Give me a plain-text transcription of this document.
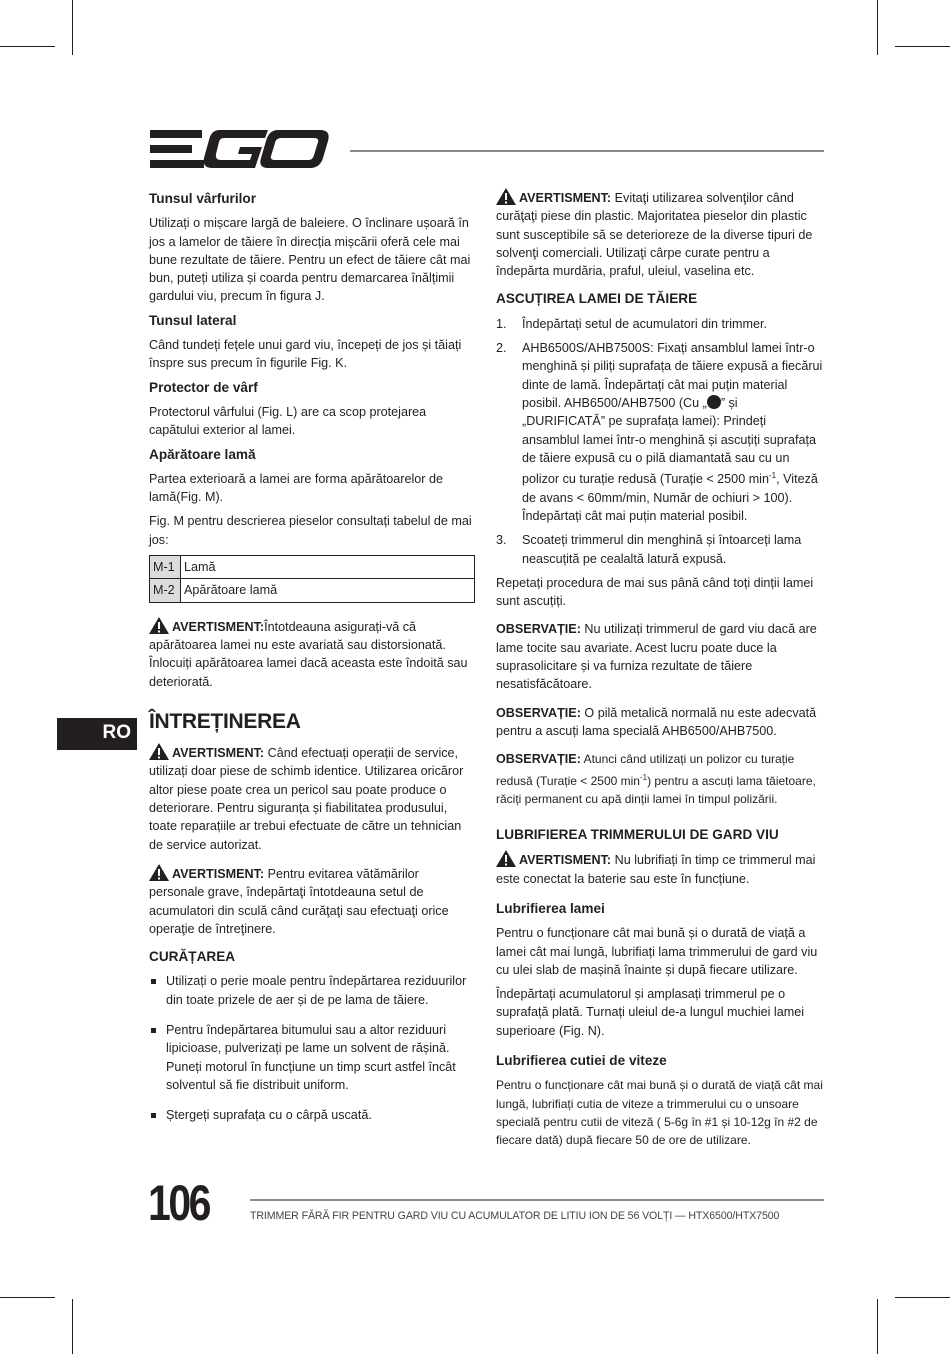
Tunsul vârfurilor

Utilizați o mișcare largă de baleiere. O înclinare ușoară în jos a lamelor de tăiere în direcția mișcării oferă cele mai bune rezultate de tăiere. Pentru un efect de tăiere cât mai bun, puteți utiliza și coarda pentru demarcarea înălțimii gardului viu, precum în figura J.

Tunsul lateral

Când tundeți fețele unui gard viu, începeți de jos și tăiați înspre sus precum în figurile Fig. K.

Protector de vârf

Protectorul vârfului (Fig. L) are ca scop protejarea capătului exterior al lamei.

Apărătoare lamă

Partea exterioară a lamei are forma apărătoarelor de lamă(Fig. M).

Fig. M pentru descrierea pieselor consultați tabelul de mai jos:

M-1	Lamă
M-2	Apărătoare lamă

AVERTISMENT:Întotdeauna asigurați-vă că apărătoarea lamei nu este avariată sau distorsionată. Înlocuiți apărătoarea lamei dacă aceasta este îndoită sau deteriorată.

ÎNTREȚINEREA

AVERTISMENT: Când efectuați operații de service, utilizați doar piese de schimb identice. Utilizarea oricăror altor piese poate crea un pericol sau poate produce o deteriorare. Pentru siguranța și fiabilitatea produsului, toate reparațiile ar trebui efectuate de către un tehnician de service autorizat.

AVERTISMENT: Pentru evitarea vătămărilor personale grave, îndepărtaţi întotdeauna setul de acumulatori din sculă când curăţaţi sau efectuaţi orice operaţie de întreţinere.

CURĂȚAREA
Utilizați o perie moale pentru îndepărtarea reziduurilor din toate prizele de aer și de pe lama de tăiere.
Pentru îndepărtarea bitumului sau a altor reziduuri lipicioase, pulverizați pe lame un solvent de rășină. Puneți motorul în funcțiune un timp scurt astfel încât solventul să fie distribuit uniform.
Ștergeți suprafața cu o cârpă uscată.

AVERTISMENT: Evitaţi utilizarea solvenţilor când curăţaţi piese din plastic. Majoritatea pieselor din plastic sunt susceptibile să se deterioreze de la diverse tipuri de solvenţi comerciali. Utilizaţi cârpe curate pentru a îndepărta murdăria, praful, uleiul, vaselina etc.

ASCUȚIREA LAMEI DE TĂIERE
1. Îndepărtați setul de acumulatori din trimmer.
2. AHB6500S/AHB7500S: Fixați ansamblul lamei într-o menghină și piliți suprafața de tăiere expusă a fiecărui dinte de lamă. Îndepărtați cât mai puțin material posibil. AHB6500/AHB7500 (Cu „ ” și „DURIFICATĂ” pe suprafața lamei): Prindeți ansamblul lamei într-o menghină și ascuțiți suprafața de tăiere expusă cu o pilă diamantată sau cu un polizor cu turație redusă (Turație < 2500 $\min^{-1}$, Viteză de avans < 60mm/min, Număr de ochiuri > 100). Îndepărtați cât mai puțin material posibil.
3. Scoateți trimmerul din menghină și întoarceți lama neascuțită pe cealaltă latură expusă.

Repetați procedura de mai sus până când toți dinții lamei sunt ascuțiți.

OBSERVAȚIE: Nu utilizați trimmerul de gard viu dacă are lame tocite sau avariate. Acest lucru poate duce la suprasolicitare și va furniza rezultate de tăiere nesatisfăcătoare.

OBSERVAȚIE: O pilă metalică normală nu este adecvată pentru a ascuți lama specială AHB6500/AHB7500.

OBSERVAȚIE: Atunci când utilizați un polizor cu turație redusă (Turație < 2500 $\min^{-1}$) pentru a ascuți lama tăietoare, răciți permanent cu apă dinții lamei în timpul polizării.

LUBRIFIEREA TRIMMERULUI DE GARD VIU

AVERTISMENT: Nu lubrifiați în timp ce trimmerul mai este conectat la baterie sau este în funcțiune.

Lubrifierea lamei

Pentru o funcționare cât mai bună și o durată de viață a lamei cât mai lungă, lubrifiați lama trimmerului de gard viu cu ulei slab de mașină înainte și după fiecare utilizare.

Îndepărtați acumulatorul și amplasați trimmerul pe o suprafață plată. Turnați uleiul de-a lungul muchiei lamei superioare (Fig. N).

Lubrifierea cutiei de viteze

Pentru o funcționare cât mai bună și o durată de viață cât mai lungă, lubrifiați cutia de viteze a trimmerului cu o unsoare specială pentru cutii de viteză ( 5-6g în #1 și 10-12g în #2 de fiecare dată) după fiecare 50 de ore de utilizare.

RO
106	TRIMMER FĂRĂ FIR PENTRU GARD VIU CU ACUMULATOR DE LITIU ION DE 56 VOLȚI — HTX6500/HTX7500
